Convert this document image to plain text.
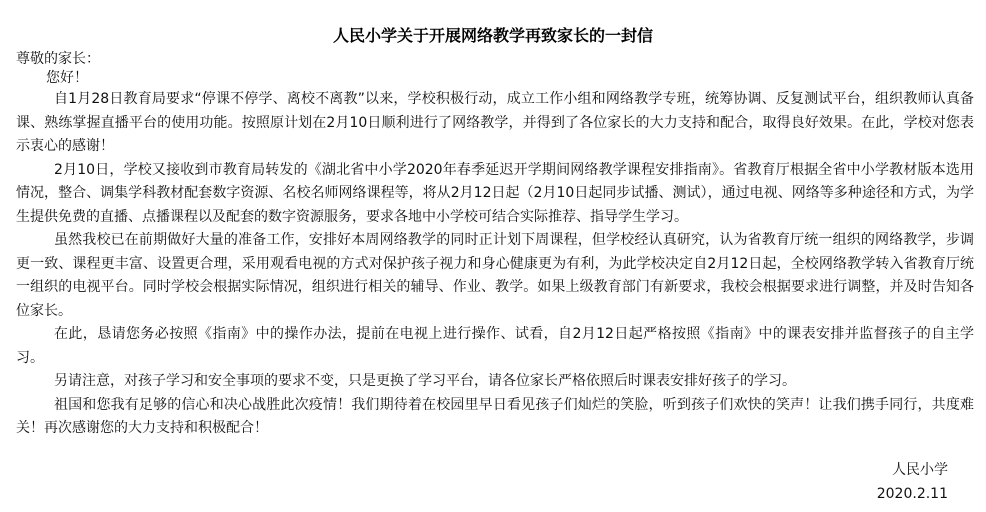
人民小学关于开展网络教学再致家长的一封信
尊敬的家长：
您好！

自1月28日教育局要求“停课不停学、离校不离教”以来，学校积极行动，成立工作小组和网络教学专班，统筹协调、反复测试平台，组织教师认真备课、熟练掌握直播平台的使用功能。按照原计划在2月10日顺利进行了网络教学，并得到了各位家长的大力支持和配合，取得良好效果。在此，学校对您表示衷心的感谢！

2月10日，学校又接收到市教育局转发的《湖北省中小学2020年春季延迟开学期间网络教学课程安排指南》。省教育厅根据全省中小学教材版本选用情况，整合、调集学科教材配套数字资源、名校名师网络课程等，将从2月12日起（2月10日起同步试播、测试），通过电视、网络等多种途径和方式，为学生提供免费的直播、点播课程以及配套的数字资源服务，要求各地中小学校可结合实际推荐、指导学生学习。

虽然我校已在前期做好大量的准备工作，安排好本周网络教学的同时正计划下周课程，但学校经认真研究，认为省教育厅统一组织的网络教学，步调更一致、课程更丰富、设置更合理，采用观看电视的方式对保护孩子视力和身心健康更为有利，为此学校决定自2月12日起，全校网络教学转入省教育厅统一组织的电视平台。同时学校会根据实际情况，组织进行相关的辅导、作业、教学。如果上级教育部门有新要求，我校会根据要求进行调整，并及时告知各位家长。

在此，恳请您务必按照《指南》中的操作办法，提前在电视上进行操作、试看，自2月12日起严格按照《指南》中的课表安排并监督孩子的自主学习。

另请注意，对孩子学习和安全事项的要求不变，只是更换了学习平台，请各位家长严格依照后时课表安排好孩子的学习。

祖国和您我有足够的信心和决心战胜此次疫情！我们期待着在校园里早日看见孩子们灿烂的笑脸，听到孩子们欢快的笑声！让我们携手同行，共度难关！再次感谢您的大力支持和积极配合！

人民小学
2020.2.11
